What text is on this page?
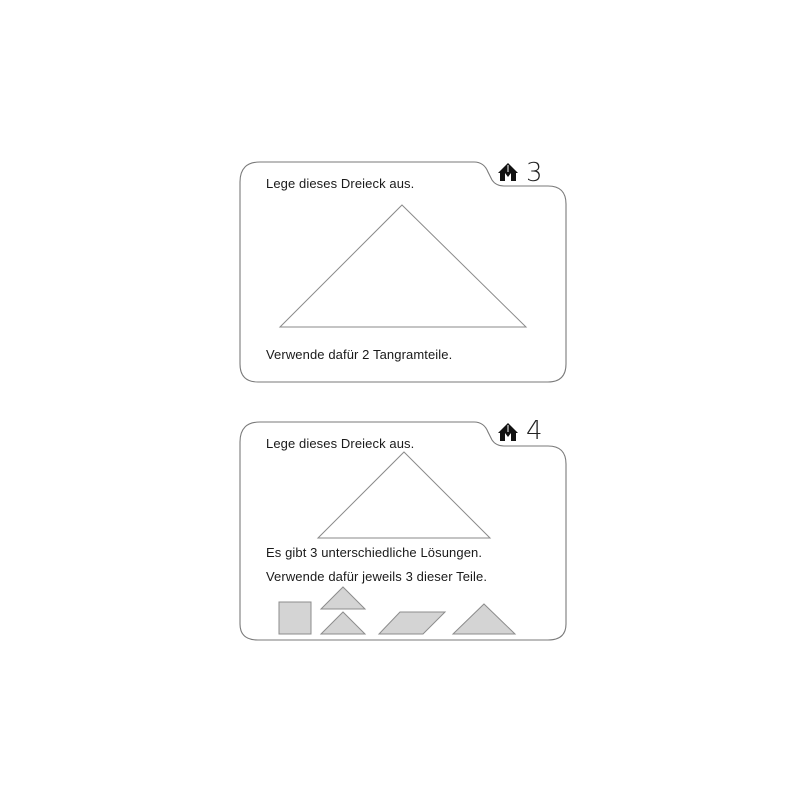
3
Lege dieses Dreieck aus.
Verwende dafür 2 Tangramteile.
4
Lege dieses Dreieck aus.
Es gibt 3 unterschiedliche Lösungen.
Verwende dafür jeweils 3 dieser Teile.
